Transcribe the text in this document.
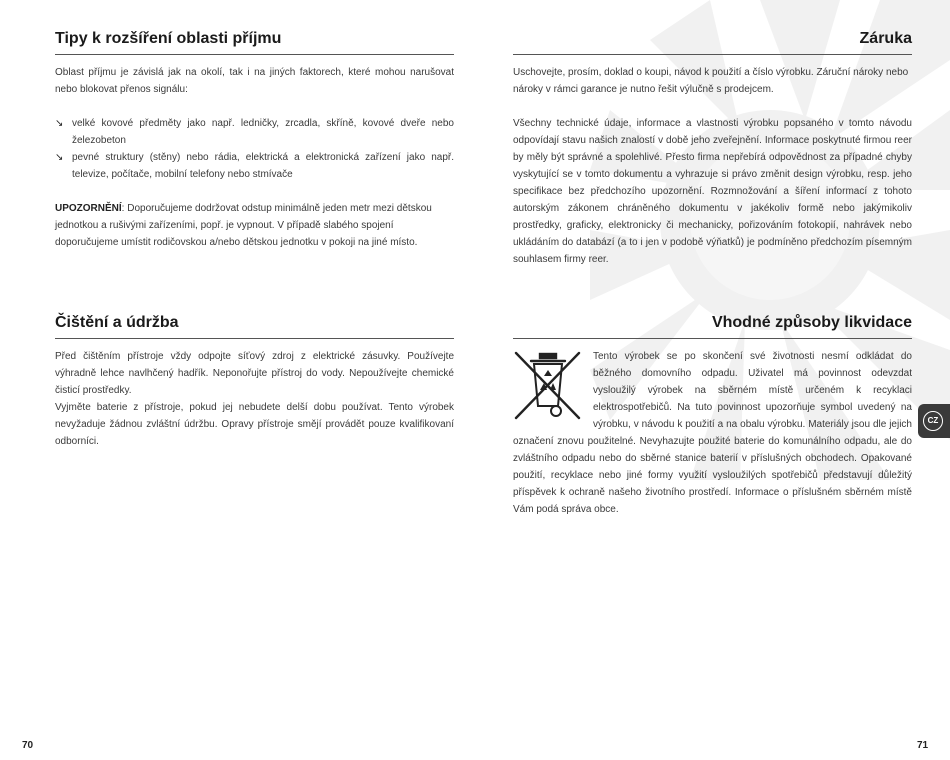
Tipy k rozšíření oblasti příjmu

Oblast příjmu je závislá jak na okolí, tak i na jiných faktorech, které mohou narušovat nebo blokovat přenos signálu:

↘ velké kovové předměty jako např. ledničky, zrcadla, skříně, kovové dveře nebo železobeton
↘ pevné struktury (stěny) nebo rádia, elektrická a elektronická zařízení jako např. televize, počítače, mobilní telefony nebo stmívače

UPOZORNĚNÍ: Doporučujeme dodržovat odstup minimálně jeden metr mezi dětskou jednotkou a rušivými zařízeními, popř. je vypnout. V případě slabého spojení doporučujeme umístit rodičovskou a/nebo dětskou jednotku v pokoji na jiné místo.

Čištění a údržba

Před čištěním přístroje vždy odpojte síťový zdroj z elektrické zásuvky. Používejte výhradně lehce navlhčený hadřík. Neponořujte přístroj do vody. Nepoužívejte chemické čisticí prostředky.

Vyjměte baterie z přístroje, pokud jej nebudete delší dobu používat. Tento výrobek nevyžaduje žádnou zvláštní údržbu. Opravy přístroje smějí provádět pouze kvalifikovaní odborníci.

Záruka

Uschovejte, prosím, doklad o koupi, návod k použití a číslo výrobku. Záruční nároky nebo nároky v rámci garance je nutno řešit výlučně s prodejcem.

Všechny technické údaje, informace a vlastnosti výrobku popsaného v tomto návodu odpovídají stavu našich znalostí v době jeho zveřejnění. Informace poskytnuté firmou reer by měly být správné a spolehlivé. Přesto firma nepřebírá odpovědnost za případné chyby vyskytující se v tomto dokumentu a vyhrazuje si právo změnit design výrobku, resp. jeho specifikace bez předchozího upozornění. Rozmnožování a šíření informací z tohoto autorským zákonem chráněného dokumentu v jakékoliv formě nebo jakýmikoliv prostředky, graficky, elektronicky či mechanicky, pořizováním fotokopií, nahrávek nebo ukládáním do databází (a to i jen v podobě výňatků) je podmíněno předchozím písemným souhlasem firmy reer.

Vhodné způsoby likvidace

Tento výrobek se po skončení své životnosti nesmí odkládat do běžného domovního odpadu. Uživatel má povinnost odevzdat vysloužilý výrobek na sběrném místě určeném k recyklaci elektrospotřebičů. Na tuto povinnost upozorňuje symbol uvedený na výrobku, v návodu k použití a na obalu výrobku. Materiály jsou dle jejich označení znovu použitelné. Nevyhazujte použité baterie do komunálního odpadu, ale do zvláštního odpadu nebo do sběrné stanice baterií v příslušných obchodech. Opakované použití, recyklace nebo jiné formy využití vysloužilých spotřebičů představují důležitý příspěvek k ochraně našeho životního prostředí. Informace o příslušném sběrném místě Vám podá správa obce.

CZ
70	71
